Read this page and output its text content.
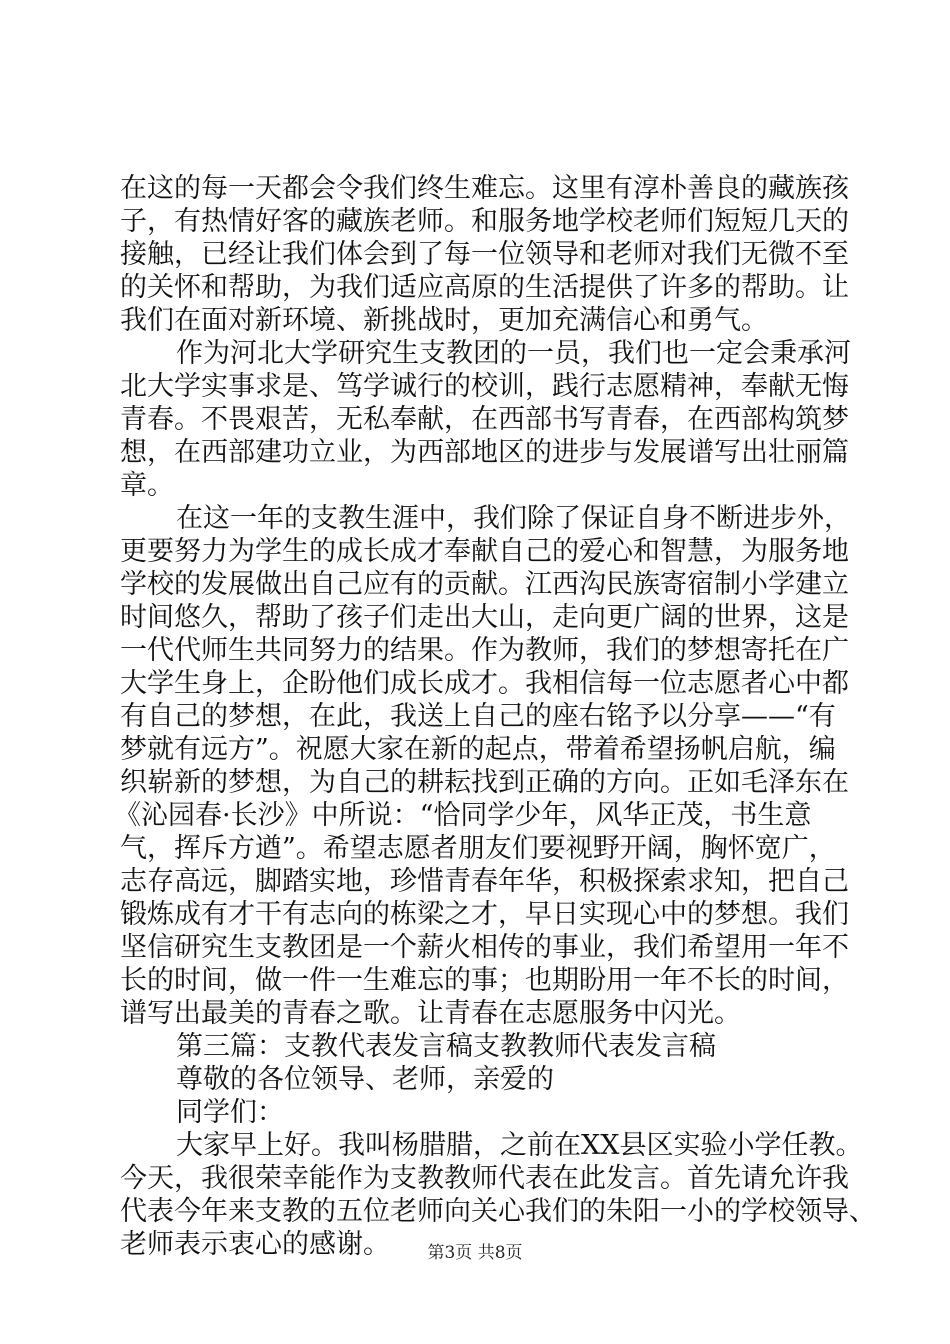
在这的每一天都会令我们终生难忘。这里有淳朴善良的藏族孩
子，有热情好客的藏族老师。和服务地学校老师们短短几天的
接触，已经让我们体会到了每一位领导和老师对我们无微不至
的关怀和帮助，为我们适应高原的生活提供了许多的帮助。让
我们在面对新环境、新挑战时，更加充满信心和勇气。
作为河北大学研究生支教团的一员，我们也一定会秉承河
北大学实事求是、笃学诚行的校训，践行志愿精神，奉献无悔
青春。不畏艰苦，无私奉献，在西部书写青春，在西部构筑梦
想，在西部建功立业，为西部地区的进步与发展谱写出壮丽篇
章。
在这一年的支教生涯中，我们除了保证自身不断进步外，
更要努力为学生的成长成才奉献自己的爱心和智慧，为服务地
学校的发展做出自己应有的贡献。江西沟民族寄宿制小学建立
时间悠久，帮助了孩子们走出大山，走向更广阔的世界，这是
一代代师生共同努力的结果。作为教师，我们的梦想寄托在广
大学生身上，企盼他们成长成才。我相信每一位志愿者心中都
有自己的梦想，在此，我送上自己的座右铭予以分享——“有
梦就有远方”。祝愿大家在新的起点，带着希望扬帆启航，编
织崭新的梦想，为自己的耕耘找到正确的方向。正如毛泽东在
《沁园春·长沙》中所说：“恰同学少年，风华正茂，书生意
气，挥斥方遒”。希望志愿者朋友们要视野开阔，胸怀宽广，
志存高远，脚踏实地，珍惜青春年华，积极探索求知，把自己
锻炼成有才干有志向的栋梁之才，早日实现心中的梦想。我们
坚信研究生支教团是一个薪火相传的事业，我们希望用一年不
长的时间，做一件一生难忘的事；也期盼用一年不长的时间，
谱写出最美的青春之歌。让青春在志愿服务中闪光。
第三篇：支教代表发言稿支教教师代表发言稿
尊敬的各位领导、老师，亲爱的
同学们：
大家早上好。我叫杨腊腊，之前在XX县区实验小学任教。
今天，我很荣幸能作为支教教师代表在此发言。首先请允许我
代表今年来支教的五位老师向关心我们的朱阳一小的学校领导、
第3页 共8页
老师表示衷心的感谢。
